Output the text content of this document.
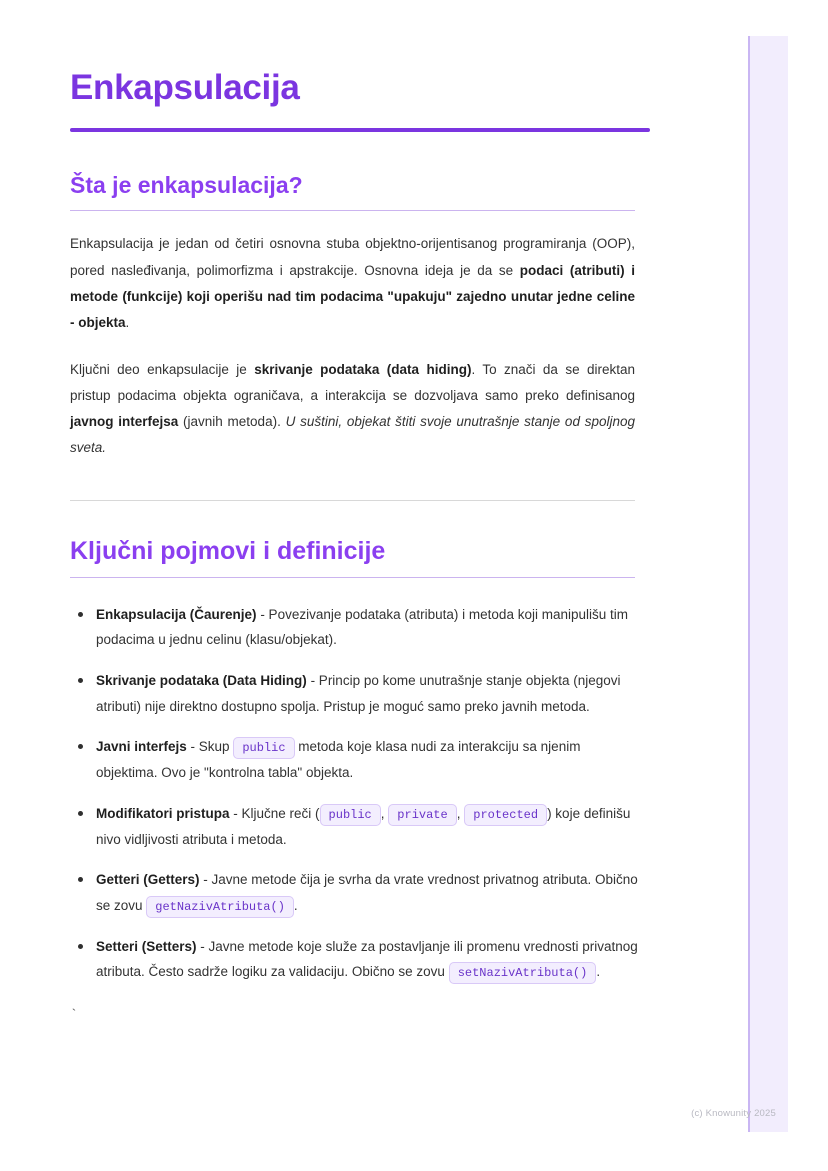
Enkapsulacija
Šta je enkapsulacija?

Enkapsulacija je jedan od četiri osnovna stuba objektno-orijentisanog programiranja (OOP), pored nasleđivanja, polimorfizma i apstrakcije. Osnovna ideja je da se podaci (atributi) i metode (funkcije) koji operišu nad tim podacima "upakuju" zajedno unutar jedne celine - objekta.

Ključni deo enkapsulacije je skrivanje podataka (data hiding). To znači da se direktan pristup podacima objekta ograničava, a interakcija se dozvoljava samo preko definisanog javnog interfejsa (javnih metoda). U suštini, objekat štiti svoje unutrašnje stanje od spoljnog sveta.

Ključni pojmovi i definicije
Enkapsulacija (Čaurenje) - Povezivanje podataka (atributa) i metoda koji manipulišu tim podacima u jednu celinu (klasu/objekat).
Skrivanje podataka (Data Hiding) - Princip po kome unutrašnje stanje objekta (njegovi atributi) nije direktno dostupno spolja. Pristup je moguć samo preko javnih metoda.
Javni interfejs - Skup public metoda koje klasa nudi za interakciju sa njenim objektima. Ovo je "kontrolna tabla" objekta.
Modifikatori pristupa - Ključne reči ( public , private , protected ) koje definišu nivo vidljivosti atributa i metoda.
Getteri (Getters) - Javne metode čija je svrha da vrate vrednost privatnog atributa. Obično se zovu getNazivAtributa() .
Setteri (Setters) - Javne metode koje služe za postavljanje ili promenu vrednosti privatnog atributa. Često sadrže logiku za validaciju. Obično se zovu setNazivAtributa() .
`
(c) Knowunity 2025
